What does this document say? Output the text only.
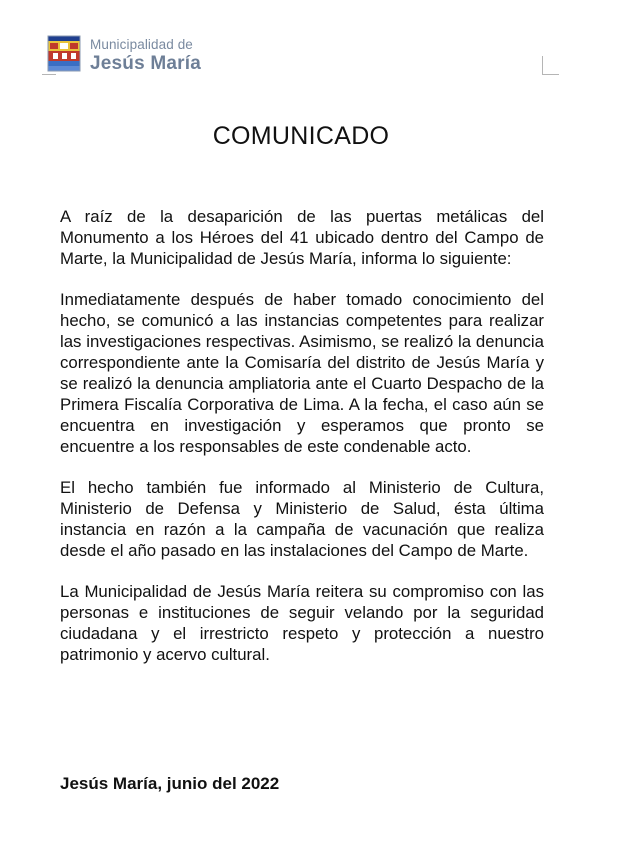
Municipalidad de
Jesús María
COMUNICADO

A raíz de la desaparición de las puertas metálicas del Monumento a los Héroes del 41 ubicado dentro del Campo de Marte, la Municipalidad de Jesús María, informa lo siguiente:

Inmediatamente después de haber tomado conocimiento del hecho, se comunicó a las instancias competentes para realizar las investigaciones respectivas. Asimismo, se realizó la denuncia correspondiente ante la Comisaría del distrito de Jesús María y se realizó la denuncia ampliatoria ante el Cuarto Despacho de la Primera Fiscalía Corporativa de Lima. A la fecha, el caso aún se encuentra en investigación y esperamos que pronto se encuentre a los responsables de este condenable acto.

El hecho también fue informado al Ministerio de Cultura, Ministerio de Defensa y Ministerio de Salud, ésta última instancia en razón a la campaña de vacunación que realiza desde el año pasado en las instalaciones del Campo de Marte.

La Municipalidad de Jesús María reitera su compromiso con las personas e instituciones de seguir velando por la seguridad ciudadana y el irrestricto respeto y protección a nuestro patrimonio y acervo cultural.

Jesús María, junio del 2022
